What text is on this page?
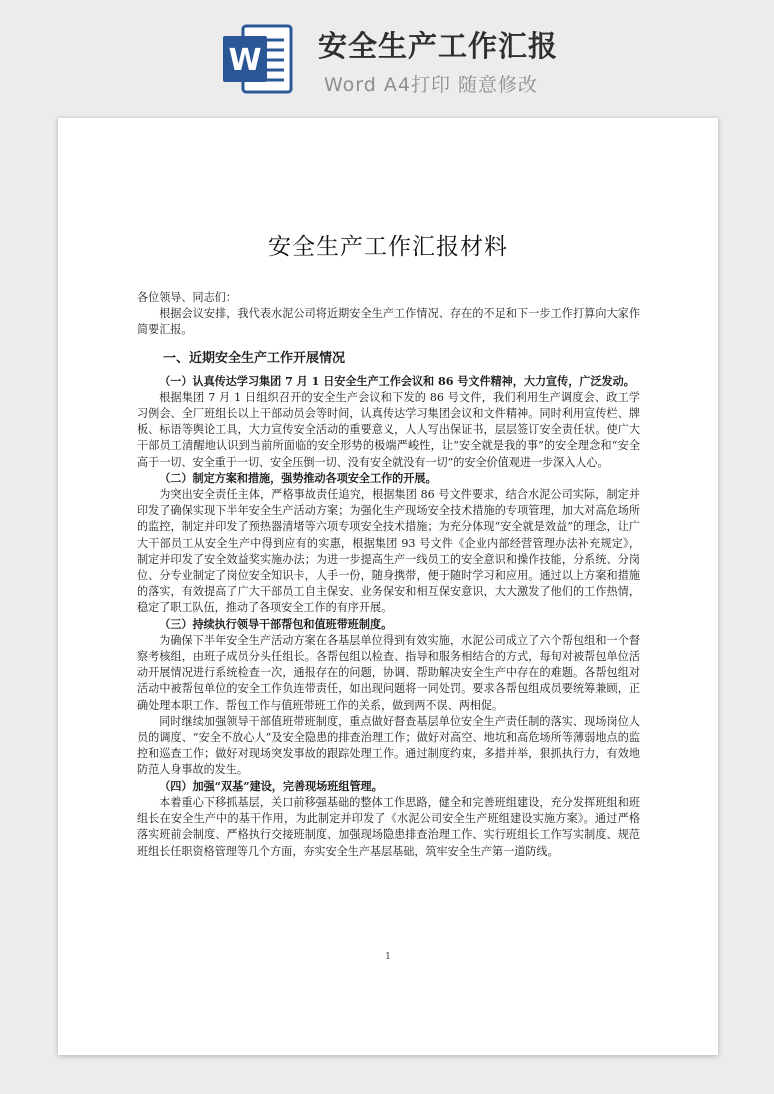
W 安全生产工作汇报
Word A4打印 随意修改
安全生产工作汇报材料

各位领导、同志们：

根据会议安排，我代表水泥公司将近期安全生产工作情况、存在的不足和下一步工作打算向大家作简要汇报。

一、近期安全生产工作开展情况

（一）认真传达学习集团 7 月 1 日安全生产工作会议和 86 号文件精神，大力宣传，广泛发动。

根据集团 7 月 1 日组织召开的安全生产会议和下发的 86 号文件，我们利用生产调度会、政工学习例会、全厂班组长以上干部动员会等时间，认真传达学习集团会议和文件精神。同时利用宣传栏、牌板、标语等舆论工具，大力宣传安全活动的重要意义，人人写出保证书，层层签订安全责任状。使广大干部员工清醒地认识到当前所面临的安全形势的极端严峻性，让“安全就是我的事”的安全理念和“安全高于一切、安全重于一切、安全压倒一切、没有安全就没有一切”的安全价值观进一步深入人心。

（二）制定方案和措施，强势推动各项安全工作的开展。

为突出安全责任主体，严格事故责任追究，根据集团 86 号文件要求，结合水泥公司实际，制定并印发了确保实现下半年安全生产活动方案；为强化生产现场安全技术措施的专项管理，加大对高危场所的监控，制定并印发了预热器清堵等六项专项安全技术措施；为充分体现“安全就是效益”的理念，让广大干部员工从安全生产中得到应有的实惠，根据集团 93 号文件《企业内部经营管理办法补充规定》，制定并印发了安全效益奖实施办法；为进一步提高生产一线员工的安全意识和操作技能，分系统、分岗位、分专业制定了岗位安全知识卡，人手一份，随身携带，便于随时学习和应用。通过以上方案和措施的落实，有效提高了广大干部员工自主保安、业务保安和相互保安意识，大大激发了他们的工作热情，稳定了职工队伍，推动了各项安全工作的有序开展。

（三）持续执行领导干部帮包和值班带班制度。

为确保下半年安全生产活动方案在各基层单位得到有效实施，水泥公司成立了六个帮包组和一个督察考核组，由班子成员分头任组长。各帮包组以检查、指导和服务相结合的方式，每旬对被帮包单位活动开展情况进行系统检查一次，通报存在的问题，协调、帮助解决安全生产中存在的难题。各帮包组对活动中被帮包单位的安全工作负连带责任，如出现问题将一同处罚。要求各帮包组成员要统筹兼顾，正确处理本职工作、帮包工作与值班带班工作的关系，做到两不误、两相促。

同时继续加强领导干部值班带班制度，重点做好督查基层单位安全生产责任制的落实、现场岗位人员的调度、“安全不放心人”及安全隐患的排查治理工作；做好对高空、地坑和高危场所等薄弱地点的监控和巡查工作；做好对现场突发事故的跟踪处理工作。通过制度约束，多措并举，狠抓执行力，有效地防范人身事故的发生。

（四）加强“双基”建设，完善现场班组管理。

本着重心下移抓基层，关口前移强基础的整体工作思路，健全和完善班组建设，充分发挥班组和班组长在安全生产中的基干作用，为此制定并印发了《水泥公司安全生产班组建设实施方案》。通过严格落实班前会制度、严格执行交接班制度、加强现场隐患排查治理工作、实行班组长工作写实制度、规范班组长任职资格管理等几个方面，夯实安全生产基层基础，筑牢安全生产第一道防线。

1
